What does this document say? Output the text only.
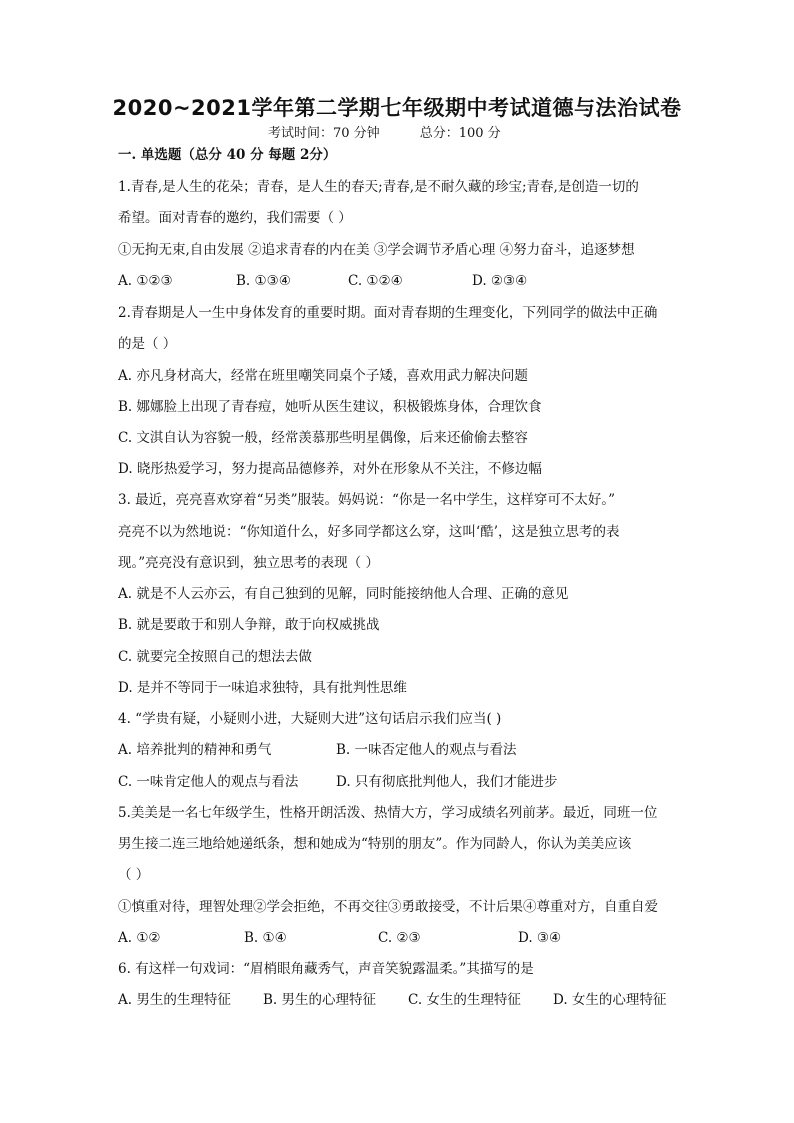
2020~2021学年第二学期七年级期中考试道德与法治试卷
考试时间：70 分钟	总分：100 分
一. 单选题（总分 40 分 每题 2分）
1.青春,是人生的花朵；青春，是人生的春天;青春,是不耐久藏的珍宝;青春,是创造一切的
希望。面对青春的邀约，我们需要（ ）
①无拘无束,自由发展 ②追求青春的内在美 ③学会调节矛盾心理 ④努力奋斗，追逐梦想
A. ①②③	B. ①③④	C. ①②④	D. ②③④
2.青春期是人一生中身体发育的重要时期。面对青春期的生理变化，下列同学的做法中正确
的是（ ）
A. 亦凡身材高大，经常在班里嘲笑同桌个子矮，喜欢用武力解决问题
B. 娜娜脸上出现了青春痘，她听从医生建议，积极锻炼身体，合理饮食
C. 文淇自认为容貌一般，经常羡慕那些明星偶像，后来还偷偷去整容
D. 晓彤热爱学习，努力提高品德修养，对外在形象从不关注，不修边幅
3. 最近，亮亮喜欢穿着“另类”服装。妈妈说：“你是一名中学生，这样穿可不太好。”
亮亮不以为然地说：“你知道什么，好多同学都这么穿，这叫‘酷’，这是独立思考的表
现。”亮亮没有意识到，独立思考的表现（ ）
A. 就是不人云亦云，有自己独到的见解，同时能接纳他人合理、正确的意见
B. 就是要敢于和别人争辩，敢于向权威挑战
C. 就要完全按照自己的想法去做
D. 是并不等同于一味追求独特，具有批判性思维
4. “学贵有疑，小疑则小进，大疑则大进”这句话启示我们应当( )
A. 培养批判的精神和勇气	B. 一味否定他人的观点与看法
C. 一味肯定他人的观点与看法	D. 只有彻底批判他人，我们才能进步
5.美美是一名七年级学生，性格开朗活泼、热情大方，学习成绩名列前茅。最近，同班一位
男生接二连三地给她递纸条，想和她成为“特别的朋友”。作为同龄人，你认为美美应该
（ ）
①慎重对待，理智处理②学会拒绝，不再交往③勇敢接受，不计后果④尊重对方，自重自爱
A. ①②	B. ①④	C. ②③	D. ③④
6. 有这样一句戏词：“眉梢眼角藏秀气，声音笑貌露温柔。”其描写的是
A. 男生的生理特征 B. 男生的心理特征 C. 女生的生理特征 D. 女生的心理特征
